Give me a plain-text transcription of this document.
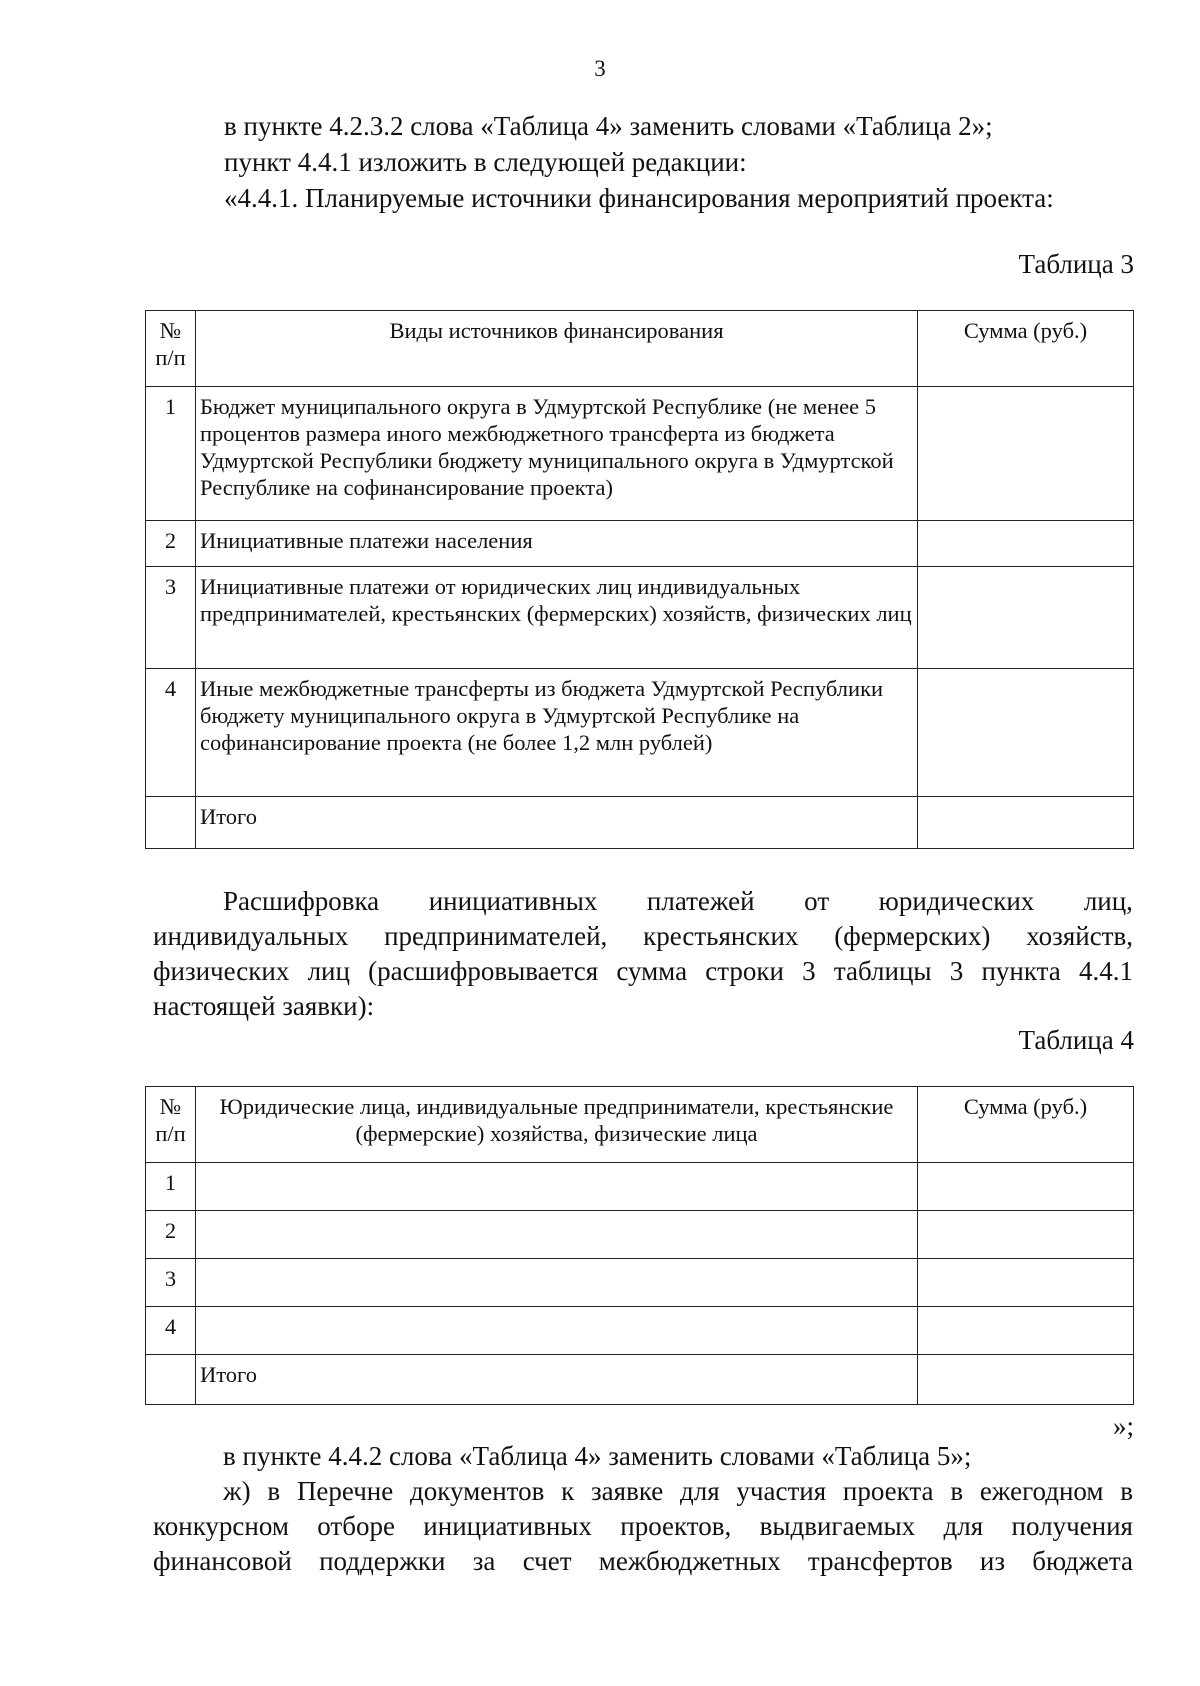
3
в пункте 4.2.3.2 слова «Таблица 4» заменить словами «Таблица 2»;
пункт 4.4.1 изложить в следующей редакции:
«4.4.1. Планируемые источники финансирования мероприятий проекта:
Таблица 3
№ п/п	Виды источников финансирования	Сумма (руб.)
1	Бюджет муниципального округа в Удмуртской Республике (не менее 5 процентов размера иного межбюджетного трансферта из бюджета Удмуртской Республики бюджету муниципального округа в Удмуртской Республике на софинансирование проекта)	
2	Инициативные платежи населения	
3	Инициативные платежи от юридических лиц индивидуальных предпринимателей, крестьянских (фермерских) хозяйств, физических лиц	
4	Иные межбюджетные трансферты из бюджета Удмуртской Республики бюджету муниципального округа в Удмуртской Республике на софинансирование проекта (не более 1,2 млн рублей)	
	Итого	
Расшифровка инициативных платежей от юридических лиц,
индивидуальных предпринимателей, крестьянских (фермерских) хозяйств,
физических лиц (расшифровывается сумма строки 3 таблицы 3 пункта 4.4.1
настоящей заявки):
Таблица 4
№ п/п	Юридические лица, индивидуальные предприниматели, крестьянские (фермерские) хозяйства, физические лица	Сумма (руб.)
1		
2		
3		
4		
	Итого	
»;
в пункте 4.4.2 слова «Таблица 4» заменить словами «Таблица 5»;
ж) в Перечне документов к заявке для участия проекта в ежегодном в
конкурсном отборе инициативных проектов, выдвигаемых для получения
финансовой поддержки за счет межбюджетных трансфертов из бюджета
